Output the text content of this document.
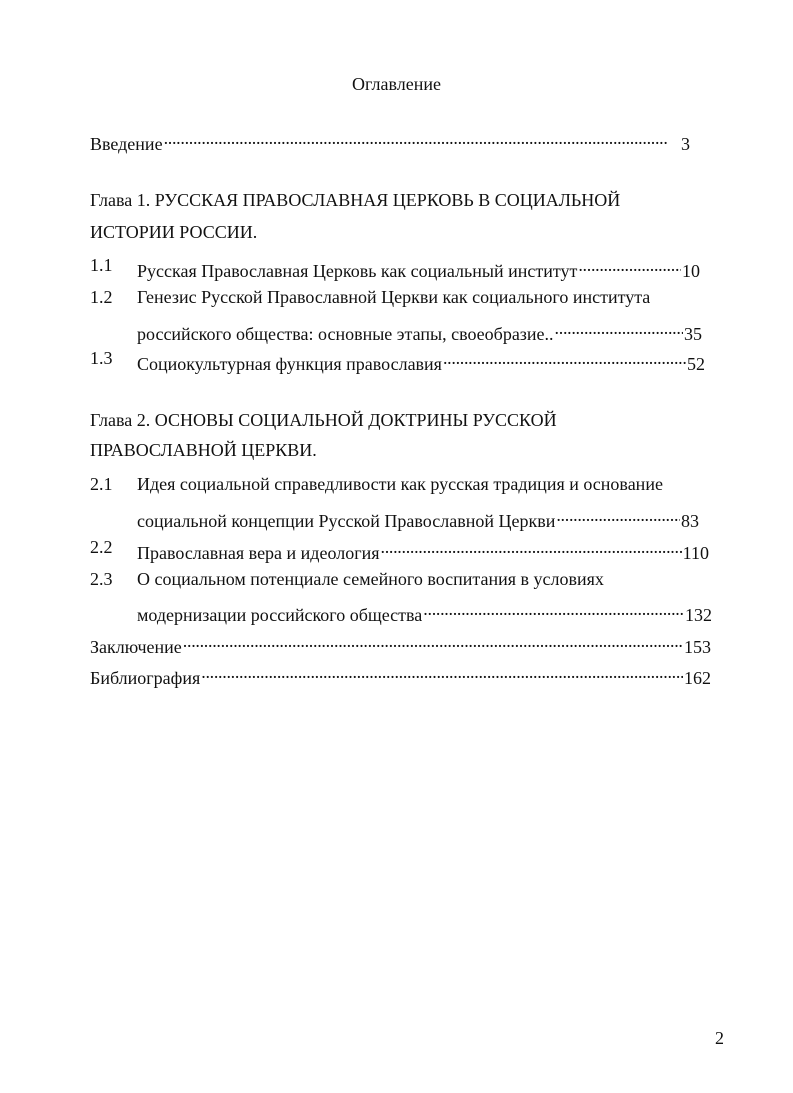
Оглавление
Введение . . .	3
Глава 1. РУССКАЯ ПРАВОСЛАВНАЯ ЦЕРКОВЬ В СОЦИАЛЬНОЙ
ИСТОРИИ РОССИИ.
1.1 Русская Православная Церковь как социальный институт . . .	10
1.2 Генезис Русской Православной Церкви как социального института
российского общества: основные этапы, своеобразие.. . . .	35
1.3 Социокультурная функция православия . . .	52
Глава 2. ОСНОВЫ СОЦИАЛЬНОЙ ДОКТРИНЫ РУССКОЙ
ПРАВОСЛАВНОЙ ЦЕРКВИ.
2.1 Идея социальной справедливости как русская традиция и основание
социальной концепции Русской Православной Церкви . . .	83
2.2 Православная вера и идеология . . .	110
2.3 О социальном потенциале семейного воспитания в условиях
модернизации российского общества . . .	132
Заключение . . .	153
Библиография . . .	162
2
